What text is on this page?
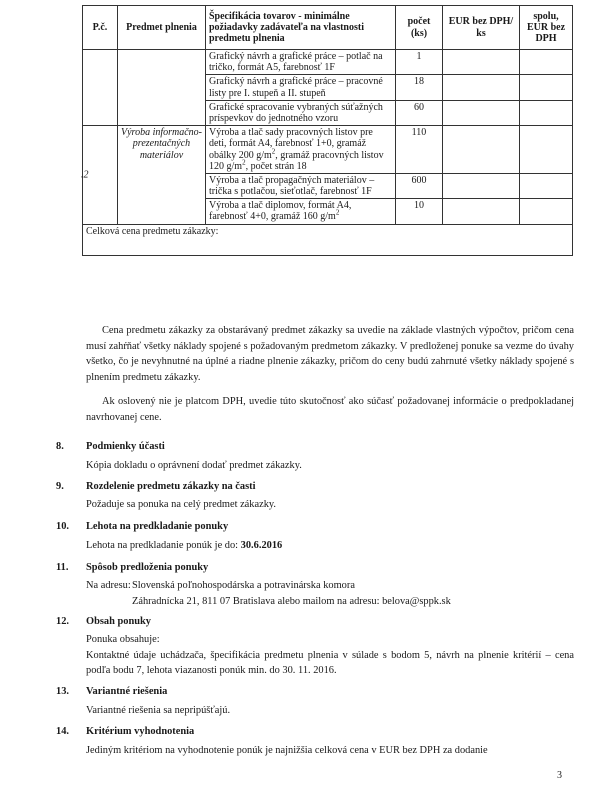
P.č.	Predmet plnenia	Špecifikácia tovarov - minimálne požiadavky zadávateľa na vlastnosti predmetu plnenia	počet (ks)	EUR bez DPH/ ks	spolu, EUR bez DPH
		Grafický návrh a grafické práce – potlač na tričko, formát A5, farebnosť 1F	1		
		Grafický návrh a grafické práce – pracovné listy pre I. stupeň a II. stupeň	18		
		Grafické spracovanie vybraných súťažných príspevkov do jednotného vzoru	60		

.2	Výroba informačno-prezentačných materiálov	Výroba a tlač sady pracovných listov pre deti, formát A4, farebnosť 1+0, gramáž obálky 200 $g/m^2$, gramáž pracovných listov 120 $g/m^2$, počet strán 18	110		
		Výroba a tlač propagačných materiálov – trička s potlačou, sieťotlač, farebnosť 1F	600		
		Výroba a tlač diplomov, formát A4, farebnosť 4+0, gramáž 160 $g/m^2$	10		
Celková cena predmetu zákazky:					

Cena predmetu zákazky za obstarávaný predmet zákazky sa uvedie na základe vlastných výpočtov, pričom cena musí zahŕňať všetky náklady spojené s požadovaným predmetom zákazky. V predloženej ponuke sa vezme do úvahy všetko, čo je nevyhnutné na úplné a riadne plnenie zákazky, pričom do ceny budú zahrnuté všetky náklady spojené s plnením predmetu zákazky.

Ak oslovený nie je platcom DPH, uvedie túto skutočnosť ako súčasť požadovanej informácie o predpokladanej navrhovanej cene.

8. Podmienky účasti

Kópia dokladu o oprávnení dodať predmet zákazky.

9. Rozdelenie predmetu zákazky na časti

Požaduje sa ponuka na celý predmet zákazky.

10. Lehota na predkladanie ponuky

Lehota na predkladanie ponúk je do: 30.6.2016

11. Spôsob predloženia ponuky
Na adresu: Slovenská poľnohospodárska a potravinárska komora
Záhradnícka 21, 811 07 Bratislava alebo mailom na adresu: belova@sppk.sk
12. Obsah ponuky
Ponuka obsahuje:
Kontaktné údaje uchádzača, špecifikácia predmetu plnenia v súlade s bodom 5, návrh na plnenie kritérií – cena podľa bodu 7, lehota viazanosti ponúk min. do 30. 11. 2016.
13. Variantné riešenia

Variantné riešenia sa nepripúšťajú.

14. Kritérium vyhodnotenia

Jediným kritériom na vyhodnotenie ponúk je najnižšia celková cena v EUR bez DPH za dodanie

3
